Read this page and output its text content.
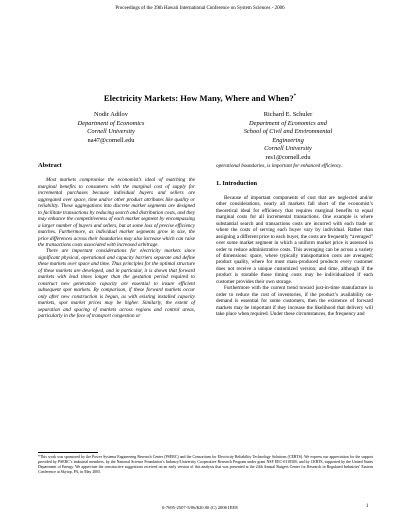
Proceedings of the 39th Hawaii International Conference on System Sciences - 2006
Electricity Markets: How Many, Where and When?*
Nodir Adilov
Department of Economics
Cornell University
na47@cornell.edu
Richard E. Schuler
Department of Economics and
School of Civil and Environmental
Engineering
Cornell University
res1@cornell.edu
Abstract

Most markets compromise the economist’s ideal of matching the marginal benefits to consumers with the marginal cost of supply for incremental purchases because individual buyers and sellers are aggregated over space, time and/or other product attributes like quality or reliability. These aggregations into discrete market segments are designed to facilitate transactions by reducing search and distribution costs, and they may enhance the competitiveness of each market segment by encompassing a larger number of buyers and sellers, but at some loss of precise efficiency matches. Furthermore, as individual market segments grow in size, the price differences across their boundaries may also increase which can raise the transactions costs associated with increased arbitrage.

There are important considerations for electricity markets since significant physical, operational and capacity barriers separate and define these markets over space and time. Thus principles for the optimal structure of these markets are developed, and in particular, it is shown that forward markets with lead times longer than the gestation period required to construct new generation capacity are essential to insure efficient subsequent spot markets. By comparison, if these forward markets occur only after new construction is begun, as with existing installed capacity markets, spot market prices may be higher. Similarly, the extent of separation and spacing of markets across regions and control areas, particularly in the face of transport congestion or

operational boundaries, is important for enhanced efficiency.

1. Introduction

Because of important components of cost that are neglected and/or other considerations, nearly all markets fall short of the economist’s theoretical ideal for efficiency that requires marginal benefits to equal marginal costs for all incremental transactions. One example is where substantial search and transactions costs are incurred with each trade or where the costs of serving each buyer vary by individual. Rather than assigning a different price to each buyer, the costs are frequently “averaged” over some market segment in which a uniform market price is assessed in order to reduce administrative costs. This averaging can be across a variety of dimensions: space, where typically transportation costs are averaged; product quality, where for most mass-produced products every customer does not receive a unique customized version; and time, although if the product is storable those timing costs may be individualized if each customer provides their own storage.

Furthermore with the current trend toward just-in-time manufacture in order to reduce the cost of inventories, if the product’s availability on-demand is essential for some customers, then the existence of forward markets may be important if they increase the likelihood that delivery will take place when required. Under these circumstances, the frequency and

*This work was sponsored by the Power Systems Engineering Research Center (PSERC) and the Consortium for Electricity Reliability Technology Solutions (CERTS). We express our appreciation for the support provided by PSERC’s industrial members, by the National Science Foundation’s Industry/University Cooperative Research Program under grant NSF EEC-0118300, and by CERTS, supported by the United States Department of Energy. We appreciate the constructive suggestions received on an early version of this analysis that was presented at the 24th Annual Rutgers Center for Research in Regulated Industries’ Eastern Conference at Skytop, PA, in May 2005.
0-7695-2507-5/06/$20.00 (C) 2006 IEEE	1
